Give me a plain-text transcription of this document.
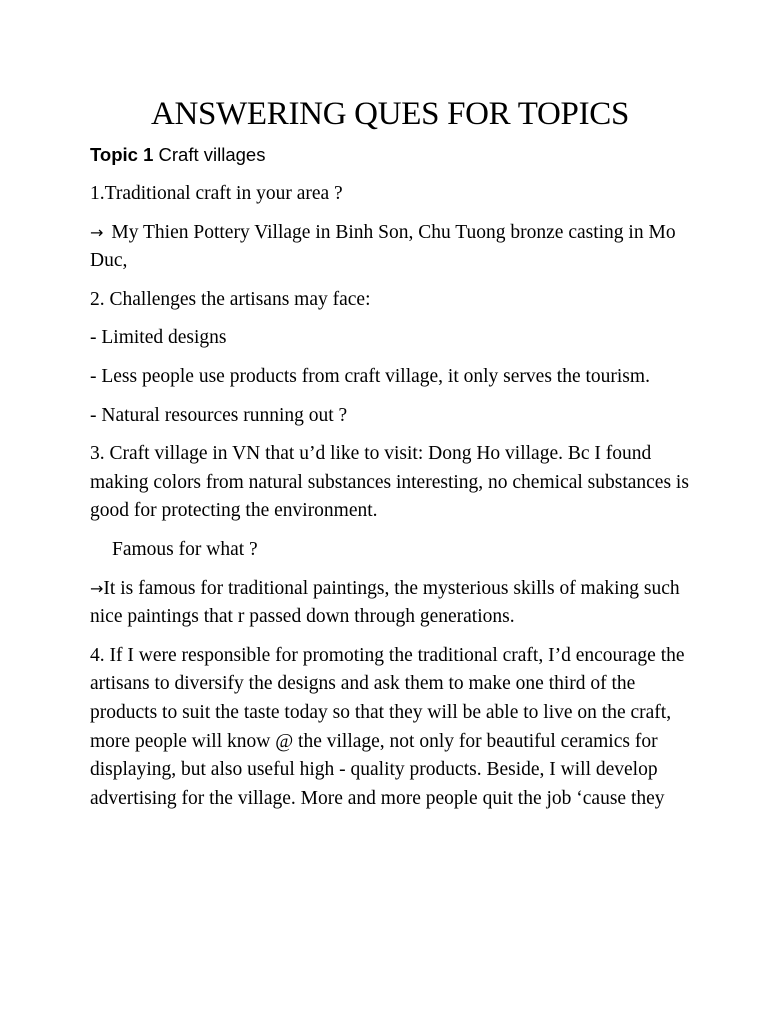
ANSWERING QUES FOR TOPICS
Topic 1 Craft villages

1.Traditional craft in your area ?

→ My Thien Pottery Village in Binh Son, Chu Tuong bronze casting in Mo Duc,

2. Challenges the artisans may face:

- Limited designs

- Less people use products from craft village, it only serves the tourism.

- Natural resources running out ?

3. Craft village in VN that u’d like to visit: Dong Ho village. Bc I found making colors from natural substances interesting, no chemical substances is good for protecting the environment.

Famous for what ?

→It is famous for traditional paintings, the mysterious skills of making such nice paintings that r passed down through generations.

4. If I were responsible for promoting the traditional craft, I’d encourage the artisans to diversify the designs and ask them to make one third of the products to suit the taste today so that they will be able to live on the craft, more people will know @ the village, not only for beautiful ceramics for displaying, but also useful high - quality products. Beside, I will develop advertising for the village. More and more people quit the job ‘cause they
